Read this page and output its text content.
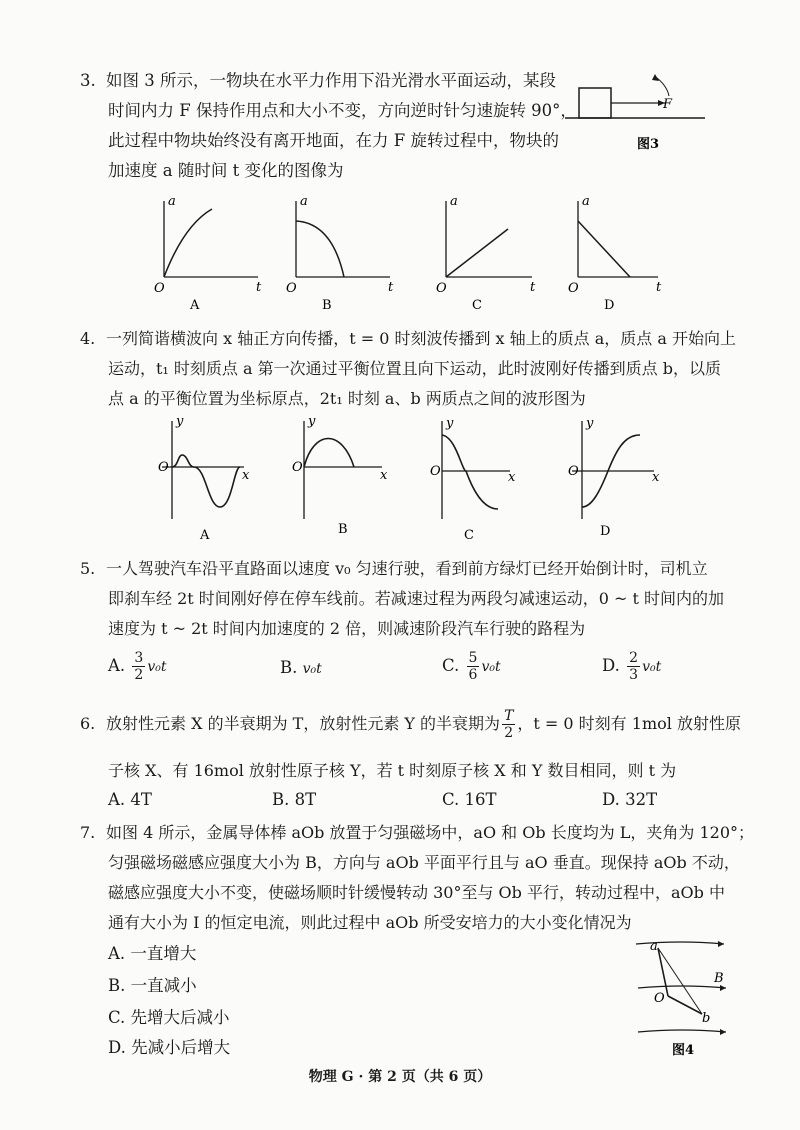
3. 如图 3 所示，一物块在水平力作用下沿光滑水平面运动，某段
时间内力 F 保持作用点和大小不变，方向逆时针匀速旋转 90°，
此过程中物块始终没有离开地面，在力 F 旋转过程中，物块的
加速度 a 随时间 t 变化的图像为
F
图3
a
O	t
A
a
O	t
B
a
O	t
C
a
O	t
D
4. 一列简谐横波向 x 轴正方向传播，t = 0 时刻波传播到 x 轴上的质点 a，质点 a 开始向上
运动，t₁ 时刻质点 a 第一次通过平衡位置且向下运动，此时波刚好传播到质点 b，以质
点 a 的平衡位置为坐标原点，2t₁ 时刻 a、b 两质点之间的波形图为
y
O
x
A
y
O
x
B
y
O	x
C
y
O	x
D
5. 一人驾驶汽车沿平直路面以速度 v₀ 匀速行驶，看到前方绿灯已经开始倒计时，司机立
即刹车经 2t 时间刚好停在停车线前。若减速过程为两段匀减速运动，0 ~ t 时间内的加
速度为 t ~ 2t 时间内加速度的 2 倍，则减速阶段汽车行驶的路程为
A. $\frac{3}{2} v_0t$	B. v₀t	C. $\frac{5}{6} v_0t$	D. $\frac{2}{3} v_0t$
6. 放射性元素 X 的半衰期为 T，放射性元素 Y 的半衰期为 $\frac{T}{2}$ ，t = 0 时刻有 1mol 放射性原
子核 X、有 16mol 放射性原子核 Y，若 t 时刻原子核 X 和 Y 数目相同，则 t 为
A. 4T	B. 8T	C. 16T	D. 32T
7. 如图 4 所示，金属导体棒 aOb 放置于匀强磁场中，aO 和 Ob 长度均为 L，夹角为 120°；
匀强磁场磁感应强度大小为 B，方向与 aOb 平面平行且与 aO 垂直。现保持 aOb 不动，
磁感应强度大小不变，使磁场顺时针缓慢转动 30°至与 Ob 平行，转动过程中，aOb 中
通有大小为 I 的恒定电流，则此过程中 aOb 所受安培力的大小变化情况为
A. 一直增大
B. 一直减小
C. 先增大后减小
D. 先减小后增大
a
O
b
B
图4
物理 G · 第 2 页（共 6 页）
